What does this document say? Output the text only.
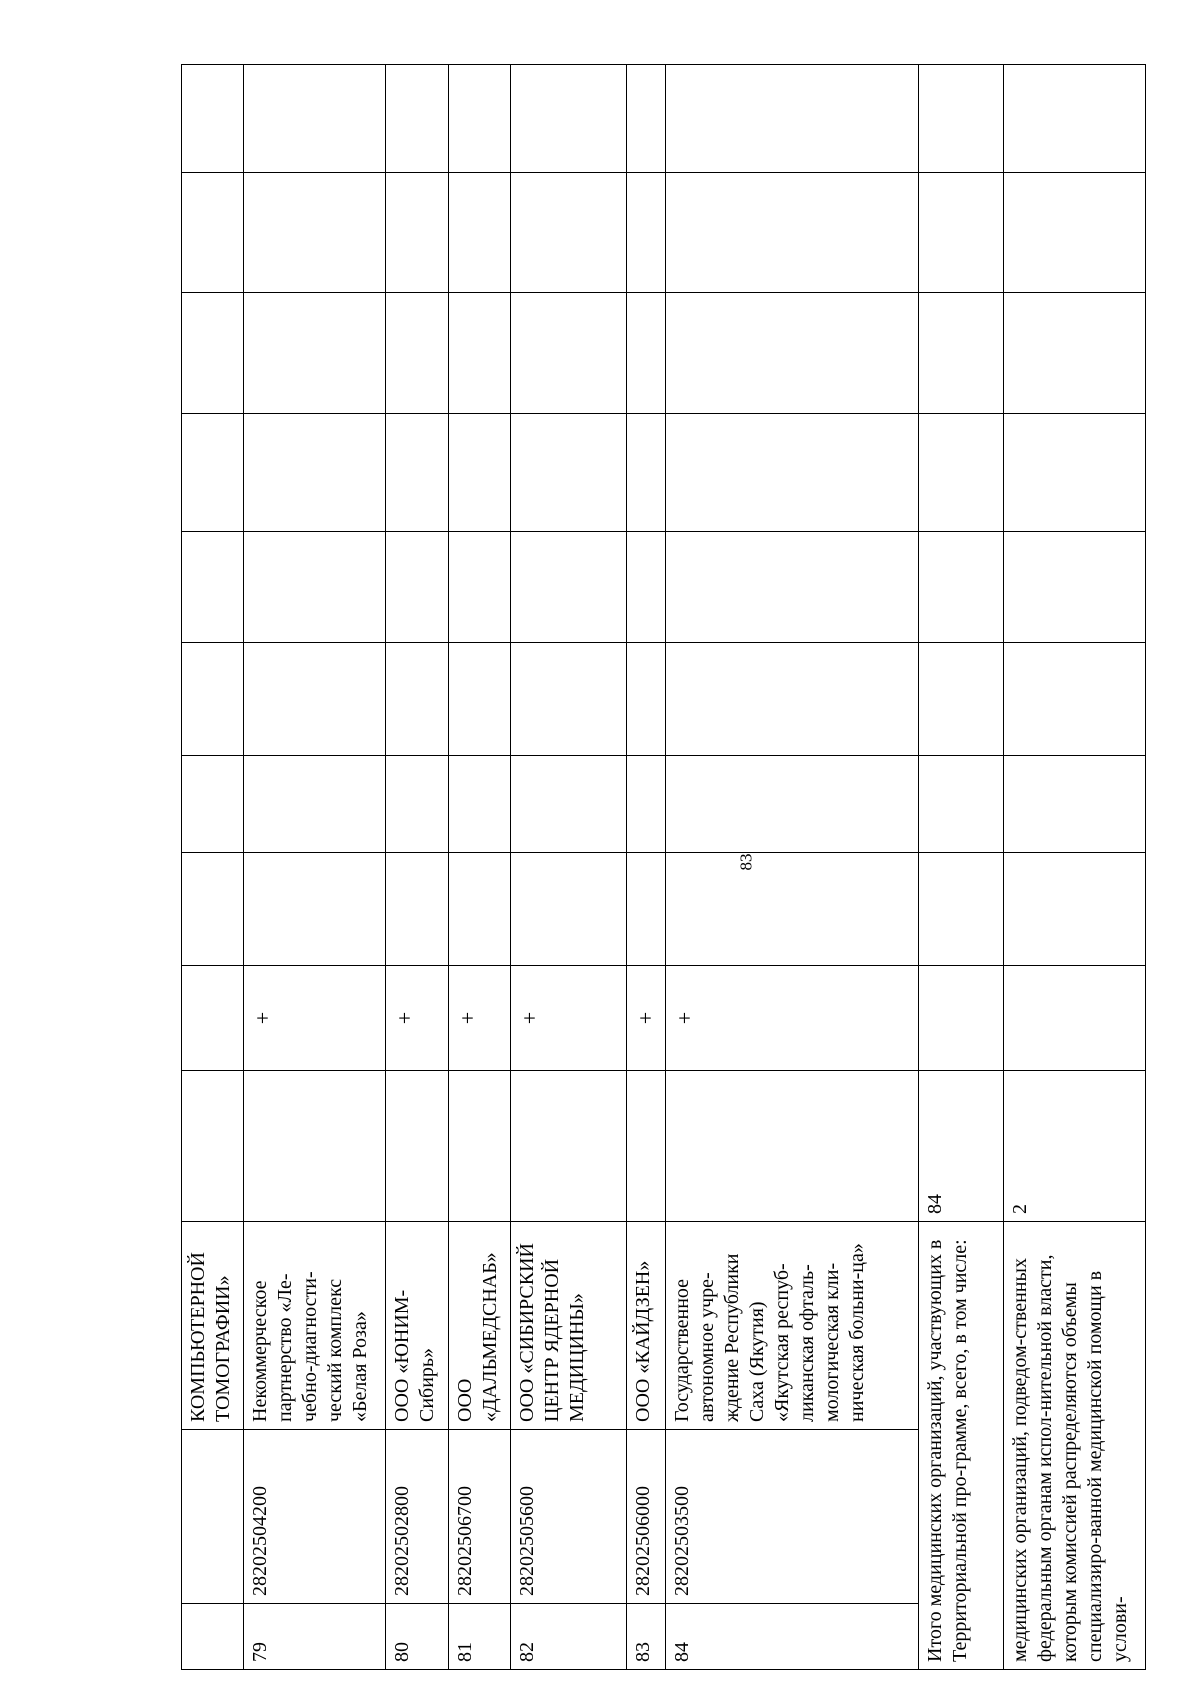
83
		КОМПЬЮТЕРНОЙ ТОМОГРАФИИ»										
79	28202504200	Некоммерческое партнерство «Ле-чебно-диагности-ческий комплекс «Белая Роза»		+								
80	28202502800	ООО «ЮНИМ-Сибирь»		+								
81	28202506700	ООО «ДАЛЬМЕДСНАБ»		+								
82	28202505600	ООО «СИБИРСКИЙ ЦЕНТР ЯДЕРНОЙ МЕДИЦИНЫ»		+								
83	28202506000	ООО «КАЙДЗЕН»		+								
84	28202503500	Государственное автономное учре-ждение Республики Саха (Якутия) «Якутская респуб-ликанская офталь-мологическая кли-ническая больни-ца»		+								
Итого медицинских организаций, участвующих в Территориальной про-грамме, всего, в том числе:			84									
медицинских организаций, подведом-ственных федеральным органам испол-нительной власти, которым комиссией распределяются объемы специализиро-ванной медицинской помощи в услови-			2									
